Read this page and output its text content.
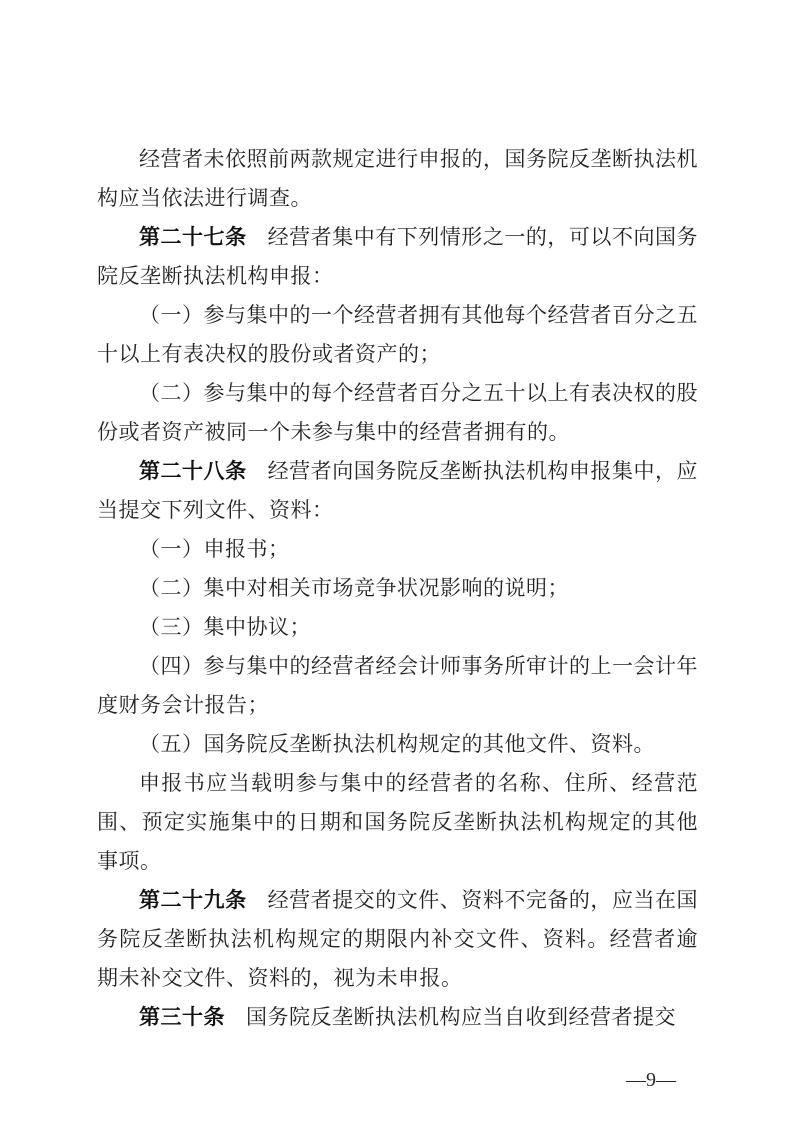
经营者未依照前两款规定进行申报的，国务院反垄断执法机构应当依法进行调查。

第二十七条 经营者集中有下列情形之一的，可以不向国务院反垄断执法机构申报：

（一）参与集中的一个经营者拥有其他每个经营者百分之五十以上有表决权的股份或者资产的；

（二）参与集中的每个经营者百分之五十以上有表决权的股份或者资产被同一个未参与集中的经营者拥有的。

第二十八条 经营者向国务院反垄断执法机构申报集中，应当提交下列文件、资料：

（一）申报书；

（二）集中对相关市场竞争状况影响的说明；

（三）集中协议；

（四）参与集中的经营者经会计师事务所审计的上一会计年度财务会计报告；

（五）国务院反垄断执法机构规定的其他文件、资料。

申报书应当载明参与集中的经营者的名称、住所、经营范围、预定实施集中的日期和国务院反垄断执法机构规定的其他事项。

第二十九条 经营者提交的文件、资料不完备的，应当在国务院反垄断执法机构规定的期限内补交文件、资料。经营者逾期未补交文件、资料的，视为未申报。

第三十条 国务院反垄断执法机构应当自收到经营者提交

—9—
